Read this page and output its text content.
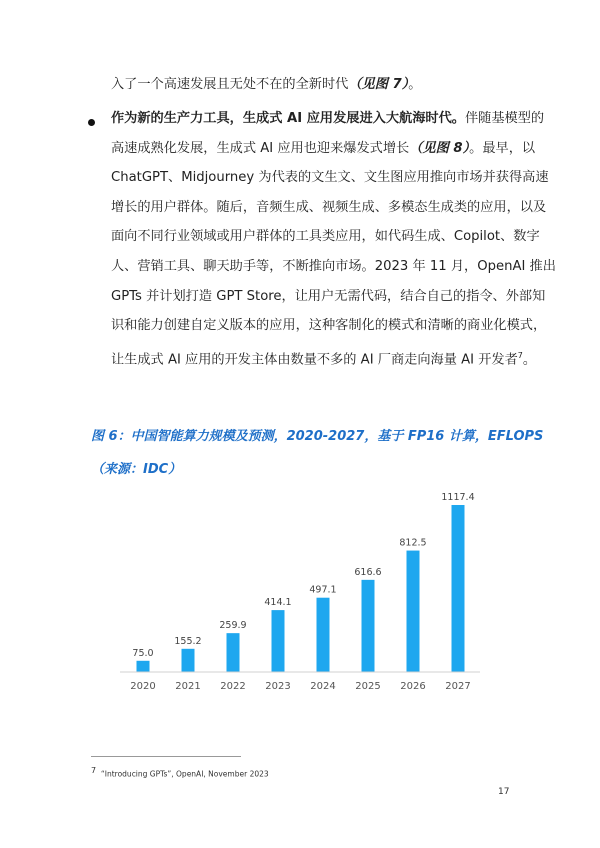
入了一个高速发展且无处不在的全新时代（见图 7）。
作为新的生产力工具，生成式 AI 应用发展进入大航海时代。伴随基模型的
高速成熟化发展，生成式 AI 应用也迎来爆发式增长（见图 8）。最早，以
ChatGPT、Midjourney 为代表的文生文、文生图应用推向市场并获得高速
增长的用户群体。随后，音频生成、视频生成、多模态生成类的应用，以及
面向不同行业领域或用户群体的工具类应用，如代码生成、Copilot、数字
人、营销工具、聊天助手等，不断推向市场。2023 年 11 月，OpenAI 推出
GPTs 并计划打造 GPT Store，让用户无需代码，结合自己的指令、外部知
识和能力创建自定义版本的应用，这种客制化的模式和清晰的商业化模式，
让生成式 AI 应用的开发主体由数量不多的 AI 厂商走向海量 AI 开发者$^7$。
图 6：中国智能算力规模及预测，2020-2027，基于 FP16 计算，EFLOPS
（来源：IDC）
75.0
2020
155.2
2021
259.9
2022
414.1
2023
497.1
2024
616.6
2025
812.5
2026
1117.4
2027
$^7$ “Introducing GPTs”, OpenAI, November 2023
17
